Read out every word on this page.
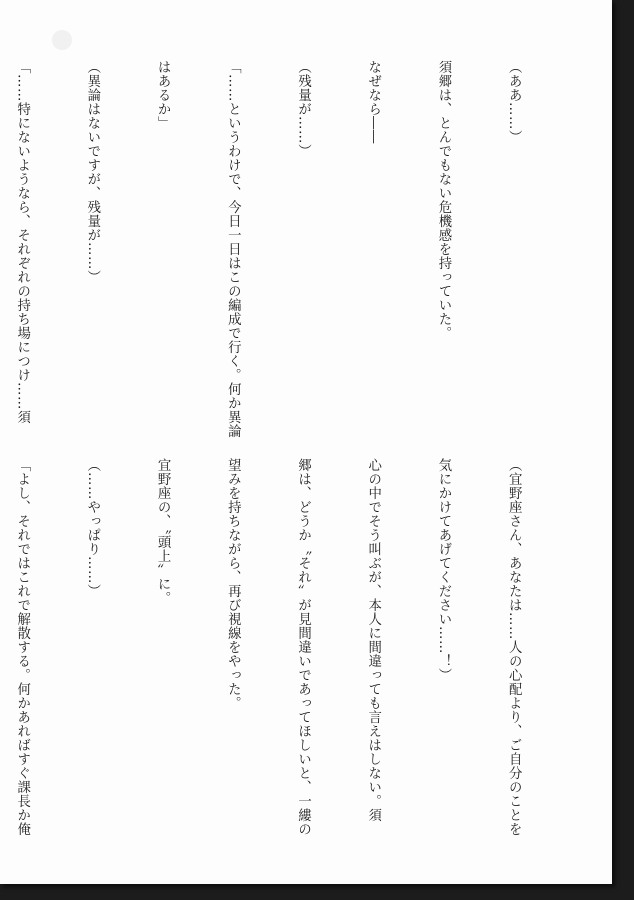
（ああ……）

須郷は、とんでもない危機感を持っていた。

なぜなら――

（残量が……）

「……というわけで、今日一日はこの編成で行く。何か異論

はあるか」

（異論はないですが、残量が……）

「……特にないようなら、それぞれの持ち場につけ……須

（宜野座さん、あなたは……人の心配より、ご自分のことを

気にかけてあげてください……！）

心の中でそう叫ぶが、本人に間違っても言えはしない。須

郷は、どうか〝それ〟が見間違いであってほしいと、一縷の

望みを持ちながら、再び視線をやった。

宜野座の、〝頭上〟に。

（……やっぱり……）

「よし、それではこれで解散する。何かあればすぐ課長か俺
